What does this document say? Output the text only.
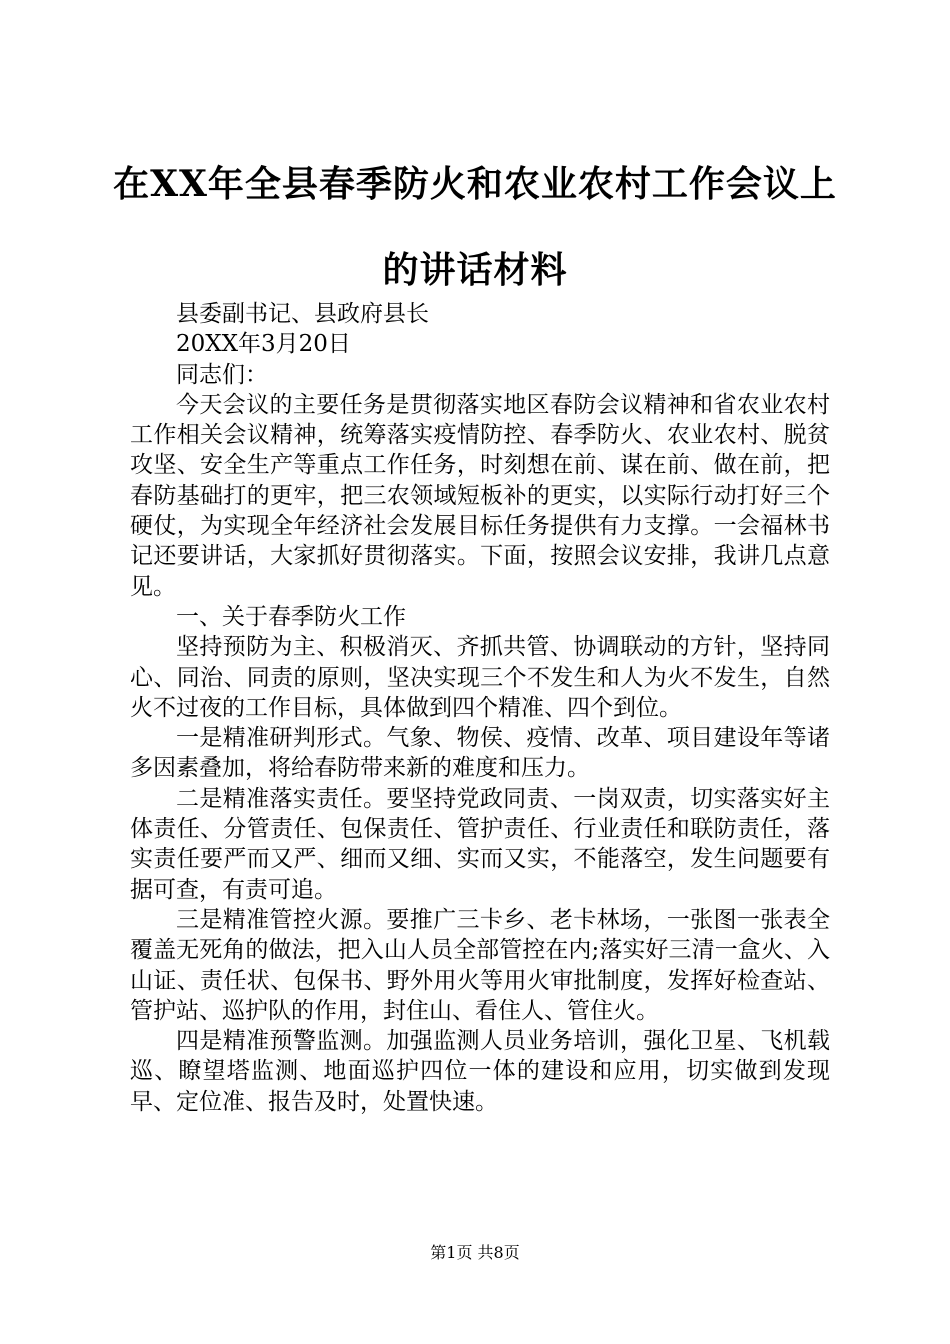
在XX年全县春季防火和农业农村工作会议上
的讲话材料

县委副书记、县政府县长

20XX年3月20日

同志们：

今天会议的主要任务是贯彻落实地区春防会议精神和省农业农村工作相关会议精神，统筹落实疫情防控、春季防火、农业农村、脱贫攻坚、安全生产等重点工作任务，时刻想在前、谋在前、做在前，把春防基础打的更牢，把三农领域短板补的更实，以实际行动打好三个硬仗，为实现全年经济社会发展目标任务提供有力支撑。一会福林书记还要讲话，大家抓好贯彻落实。下面，按照会议安排，我讲几点意见。

一、关于春季防火工作

坚持预防为主、积极消灭、齐抓共管、协调联动的方针，坚持同心、同治、同责的原则，坚决实现三个不发生和人为火不发生，自然火不过夜的工作目标，具体做到四个精准、四个到位。

一是精准研判形式。气象、物侯、疫情、改革、项目建设年等诸多因素叠加，将给春防带来新的难度和压力。

二是精准落实责任。要坚持党政同责、一岗双责，切实落实好主体责任、分管责任、包保责任、管护责任、行业责任和联防责任，落实责任要严而又严、细而又细、实而又实，不能落空，发生问题要有据可查，有责可追。

三是精准管控火源。要推广三卡乡、老卡林场，一张图一张表全覆盖无死角的做法，把入山人员全部管控在内;落实好三清一盒火、入山证、责任状、包保书、野外用火等用火审批制度，发挥好检查站、管护站、巡护队的作用，封住山、看住人、管住火。

四是精准预警监测。加强监测人员业务培训，强化卫星、飞机载巡、瞭望塔监测、地面巡护四位一体的建设和应用，切实做到发现早、定位准、报告及时，处置快速。

第1页 共8页
